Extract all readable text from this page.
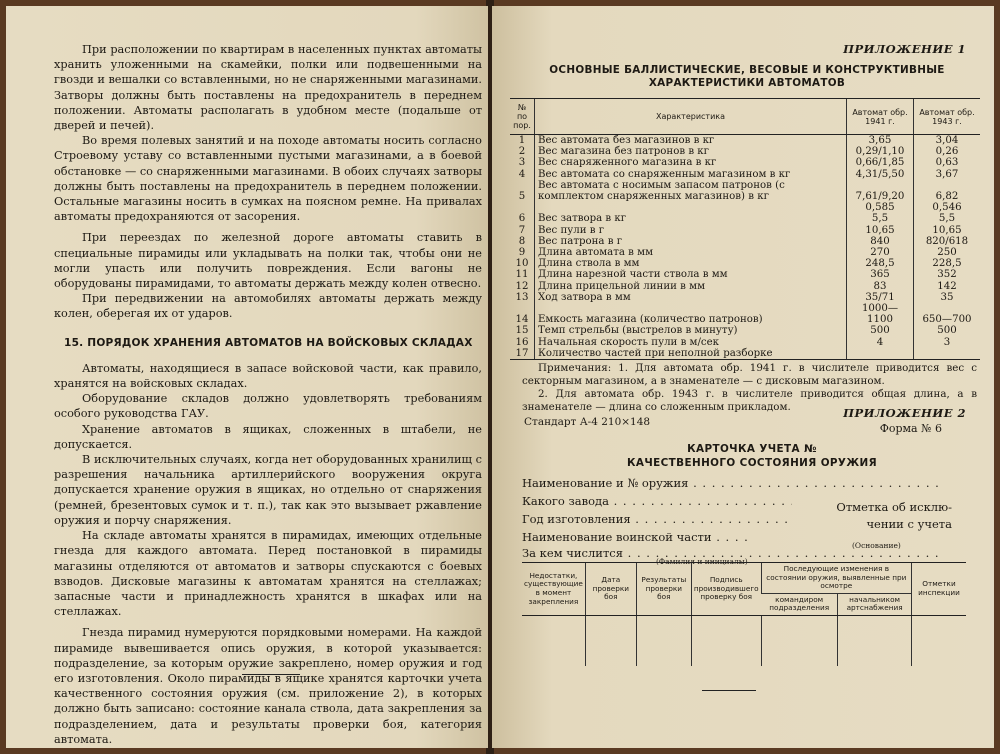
При расположении по квартирам в населенных пунктах автоматы хранить уложенными на скамейки, полки или подвешенными на гвозди и вешалки со вставленными, но не снаряженными магазинами. Затворы должны быть поставлены на предохранитель в переднем положении. Автоматы располагать в удобном месте (подальше от дверей и печей).

Во время полевых занятий и на походе автоматы носить согласно Строевому уставу со вставленными пустыми магазинами, а в боевой обстановке — со снаряженными магазинами. В обоих случаях затворы должны быть поставлены на предохранитель в переднем положении. Остальные магазины носить в сумках на поясном ремне. На привалах автоматы предохраняются от засорения.

При переездах по железной дороге автоматы ставить в специальные пирамиды или укладывать на полки так, чтобы они не могли упасть или получить повреждения. Если вагоны не оборудованы пирамидами, то автоматы держать между колен отвесно.

При передвижении на автомобилях автоматы держать между колен, оберегая их от ударов.

15. ПОРЯДОК ХРАНЕНИЯ АВТОМАТОВ НА ВОЙСКОВЫХ СКЛАДАХ

Автоматы, находящиеся в запасе войсковой части, как правило, хранятся на войсковых складах.

Оборудование складов должно удовлетворять требованиям особого руководства ГАУ.

Хранение автоматов в ящиках, сложенных в штабели, не допускается.

В исключительных случаях, когда нет оборудованных хранилищ с разрешения начальника артиллерийского вооружения округа допускается хранение оружия в ящиках, но отдельно от снаряжения (ремней, брезентовых сумок и т. п.), так как это вызывает ржавление оружия и порчу снаряжения.

На складе автоматы хранятся в пирамидах, имеющих отдельные гнезда для каждого автомата. Перед постановкой в пирамиды магазины отделяются от автоматов и затворы спускаются с боевых взводов. Дисковые магазины к автоматам хранятся на стеллажах; запасные части и принадлежность хранятся в шкафах или на стеллажах.

Гнезда пирамид нумеруются порядковыми номерами. На каждой пирамиде вывешивается опись оружия, в которой указывается: подразделение, за которым оружие закреплено, номер оружия и год его изготовления. Около пирамиды в ящике хранятся карточки учета качественного состояния оружия (см. приложение 2), в которых должно быть записано: состояние канала ствола, дата закрепления за подразделением, дата и результаты проверки боя, категория автомата.

ПРИЛОЖЕНИЕ 1
ОСНОВНЫЕ БАЛЛИСТИЧЕСКИЕ, ВЕСОВЫЕ И КОНСТРУКТИВНЫЕ ХАРАКТЕРИСТИКИ АВТОМАТОВ
№ по пор.	Характеристика	Автомат обр. 1941 г.	Автомат обр. 1943 г.
1	Вес автомата без магазинов в кг	3,65	3,04
2	Вес магазина без патронов в кг	0,29/1,10	0,26
3	Вес снаряженного магазина в кг	0,66/1,85	0,63
4	Вес автомата со снаряженным магазином в кг	4,31/5,50	3,67
5	Вес автомата с носимым запасом патронов (с комплектом снаряженных магазинов) в кг	7,61/9,20	6,82
		0,585	0,546
6	Вес затвора в кг	5,5	5,5
7	Вес пули в г	10,65	10,65
8	Вес патрона в г	840	820/618
9	Длина автомата в мм	270	250
10	Длина ствола в мм	248,5	228,5
11	Длина нарезной части ствола в мм	365	352
12	Длина прицельной линии в мм	83	142
13	Ход затвора в мм	35/71	35
14	Емкость магазина (количество патронов)	1000—1100	650—700
15	Темп стрельбы (выстрелов в минуту)	500	500
16	Начальная скорость пули в м/сек	4	3
17	Количество частей при неполной разборке		

Примечания: 1. Для автомата обр. 1941 г. в числителе приводится вес с секторным магазином, а в знаменателе — с дисковым магазином.

2. Для автомата обр. 1943 г. в числителе приводится общая длина, а в знаменателе — длина со сложенным прикладом.

Стандарт А-4 210×148
ПРИЛОЖЕНИЕ 2
Форма № 6
КАРТОЧКА УЧЕТА №
КАЧЕСТВЕННОГО СОСТОЯНИЯ ОРУЖИЯ
Наименование и № оружия . . .
Какого завода . . .
Год изготовления . . .
Наименование воинской части . . .
За кем числится . . .
Отметка об исклю-
чении с учета
(Фамилия и инициалы)
(Основание)
Недостатки, существующие в момент закрепления	Дата проверки боя	Результаты проверки боя	Подпись производившего проверку боя	Последующие изменения в состоянии оружия, выявленные при осмотре		Отметки инспекции
				командиром подразделения	начальником артснабжения	
